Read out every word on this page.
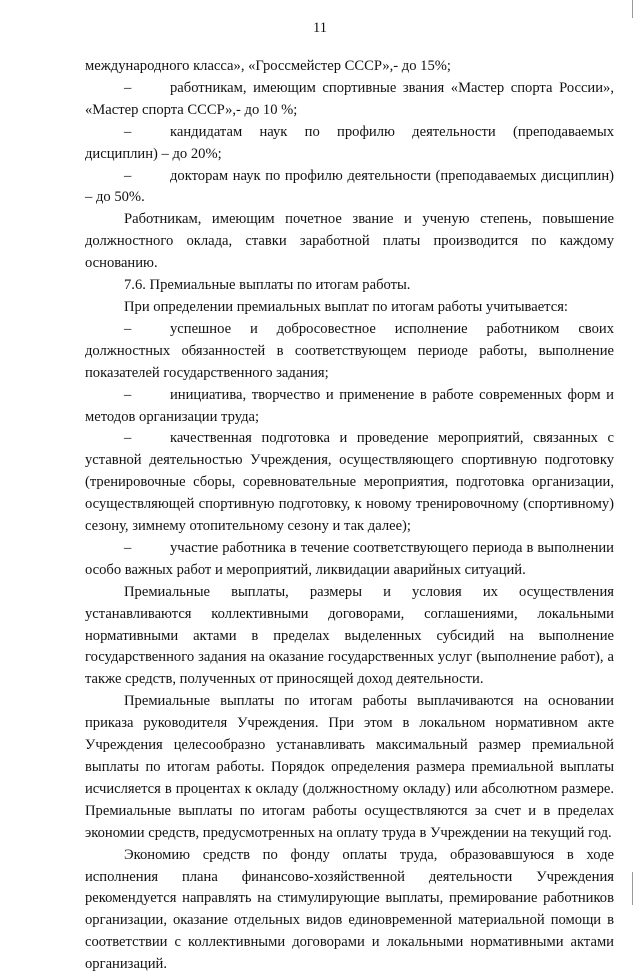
11

международного класса», «Гроссмейстер СССР»,- до 15%;

–	работникам, имеющим спортивные звания «Мастер спорта России», «Мастер спорта СССР»,- до 10 %;

–	кандидатам наук по профилю деятельности (преподаваемых дисциплин) – до 20%;

–	докторам наук по профилю деятельности (преподаваемых дисциплин) – до 50%.

Работникам, имеющим почетное звание и ученую степень, повышение должностного оклада, ставки заработной платы производится по каждому основанию.

7.6. Премиальные выплаты по итогам работы.

При определении премиальных выплат по итогам работы учитывается:

–	успешное и добросовестное исполнение работником своих должностных обязанностей в соответствующем периоде работы, выполнение показателей государственного задания;

–	инициатива, творчество и применение в работе современных форм и методов организации труда;

–	качественная подготовка и проведение мероприятий, связанных с уставной деятельностью Учреждения, осуществляющего спортивную подготовку (тренировочные сборы, соревновательные мероприятия, подготовка организации, осуществляющей спортивную подготовку, к новому тренировочному (спортивному) сезону, зимнему отопительному сезону и так далее);

–	участие работника в течение соответствующего периода в выполнении особо важных работ и мероприятий, ликвидации аварийных ситуаций.

Премиальные выплаты, размеры и условия их осуществления устанавливаются коллективными договорами, соглашениями, локальными нормативными актами в пределах выделенных субсидий на выполнение государственного задания на оказание государственных услуг (выполнение работ), а также средств, полученных от приносящей доход деятельности.

Премиальные выплаты по итогам работы выплачиваются на основании приказа руководителя Учреждения. При этом в локальном нормативном акте Учреждения целесообразно устанавливать максимальный размер премиальной выплаты по итогам работы. Порядок определения размера премиальной выплаты исчисляется в процентах к окладу (должностному окладу) или абсолютном размере. Премиальные выплаты по итогам работы осуществляются за счет и в пределах экономии средств, предусмотренных на оплату труда в Учреждении на текущий год.

Экономию средств по фонду оплаты труда, образовавшуюся в ходе исполнения плана финансово-хозяйственной деятельности Учреждения рекомендуется направлять на стимулирующие выплаты, премирование работников организации, оказание отдельных видов единовременной материальной помощи в соответствии с коллективными договорами и локальными нормативными актами организаций.
